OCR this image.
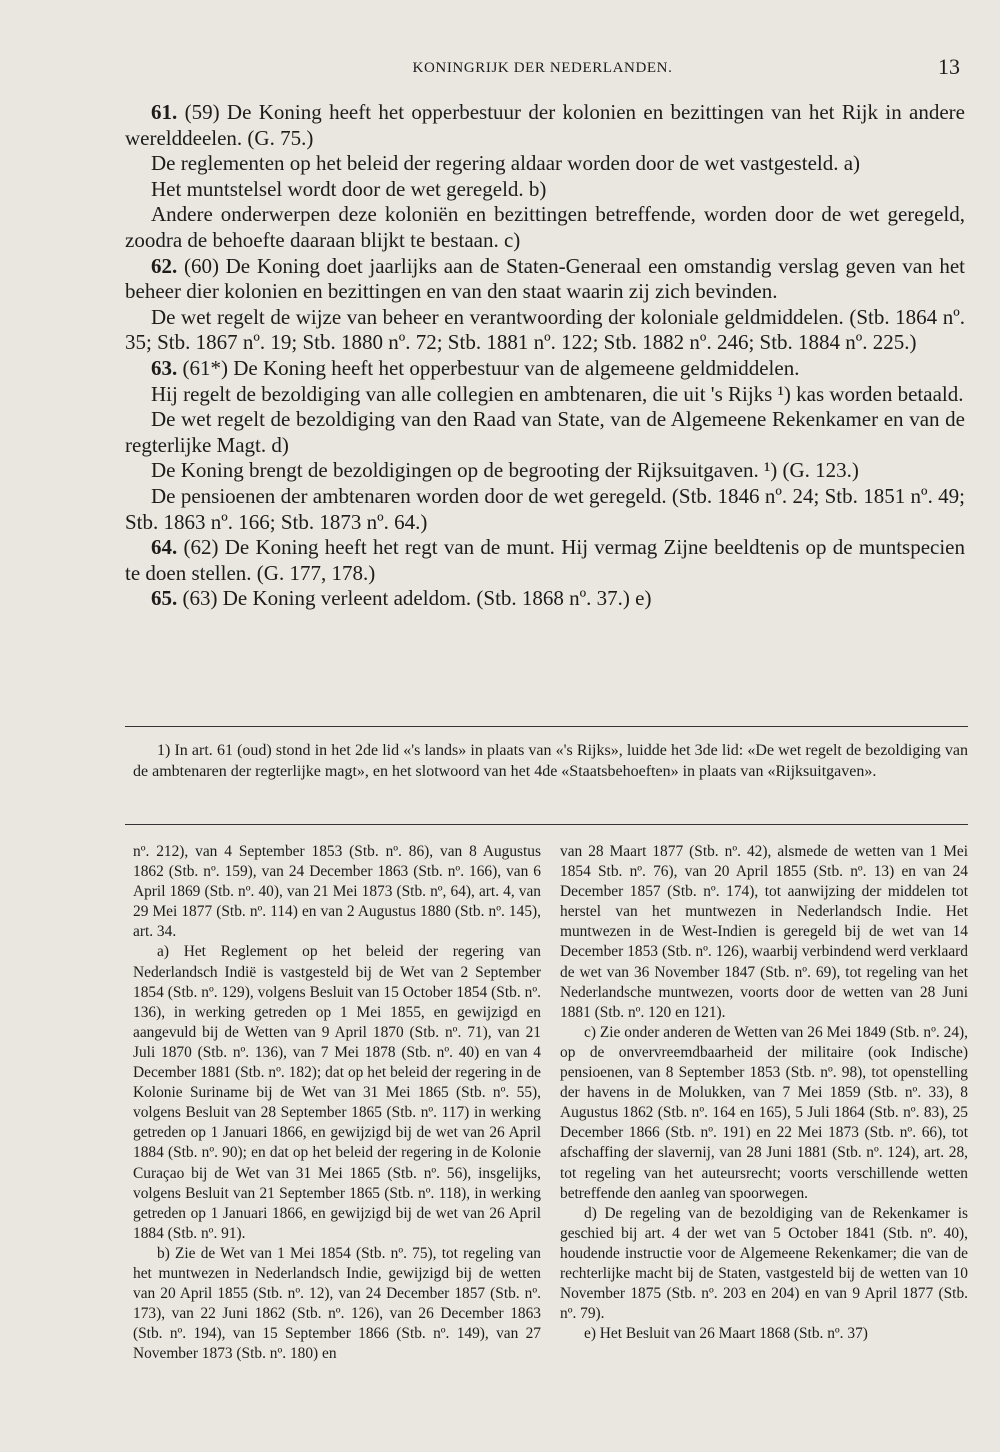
KONINGRIJK DER NEDERLANDEN.	13

61. (59) De Koning heeft het opperbestuur der kolonien en bezittingen van het Rijk in andere werelddeelen. (G. 75.)

De reglementen op het beleid der regering aldaar worden door de wet vastgesteld. a)

Het muntstelsel wordt door de wet geregeld. b)

Andere onderwerpen deze koloniën en bezittingen betreffende, worden door de wet geregeld, zoodra de behoefte daaraan blijkt te bestaan. c)

62. (60) De Koning doet jaarlijks aan de Staten-Generaal een omstandig verslag geven van het beheer dier kolonien en bezittingen en van den staat waarin zij zich bevinden.

De wet regelt de wijze van beheer en verantwoording der koloniale geldmiddelen. (Stb. 1864 nº. 35; Stb. 1867 nº. 19; Stb. 1880 nº. 72; Stb. 1881 nº. 122; Stb. 1882 nº. 246; Stb. 1884 nº. 225.)

63. (61*) De Koning heeft het opperbestuur van de algemeene geldmiddelen.

Hij regelt de bezoldiging van alle collegien en ambtenaren, die uit 's Rijks ¹) kas worden betaald.

De wet regelt de bezoldiging van den Raad van State, van de Algemeene Rekenkamer en van de regterlijke Magt. d)

De Koning brengt de bezoldigingen op de begrooting der Rijksuitgaven. ¹) (G. 123.)

De pensioenen der ambtenaren worden door de wet geregeld. (Stb. 1846 nº. 24; Stb. 1851 nº. 49; Stb. 1863 nº. 166; Stb. 1873 nº. 64.)

64. (62) De Koning heeft het regt van de munt. Hij vermag Zijne beeldtenis op de muntspecien te doen stellen. (G. 177, 178.)

65. (63) De Koning verleent adeldom. (Stb. 1868 nº. 37.) e)

1) In art. 61 (oud) stond in het 2de lid «'s lands» in plaats van «'s Rijks», luidde het 3de lid: «De wet regelt de bezoldiging van de ambtenaren der regterlijke magt», en het slotwoord van het 4de «Staatsbehoeften» in plaats van «Rijksuitgaven».

nº. 212), van 4 September 1853 (Stb. nº. 86), van 8 Augustus 1862 (Stb. nº. 159), van 24 December 1863 (Stb. nº. 166), van 6 April 1869 (Stb. nº. 40), van 21 Mei 1873 (Stb. nº, 64), art. 4, van 29 Mei 1877 (Stb. nº. 114) en van 2 Augustus 1880 (Stb. nº. 145), art. 34.

a) Het Reglement op het beleid der regering van Nederlandsch Indië is vastgesteld bij de Wet van 2 September 1854 (Stb. nº. 129), volgens Besluit van 15 October 1854 (Stb. nº. 136), in werking getreden op 1 Mei 1855, en gewijzigd en aangevuld bij de Wetten van 9 April 1870 (Stb. nº. 71), van 21 Juli 1870 (Stb. nº. 136), van 7 Mei 1878 (Stb. nº. 40) en van 4 December 1881 (Stb. nº. 182); dat op het beleid der regering in de Kolonie Suriname bij de Wet van 31 Mei 1865 (Stb. nº. 55), volgens Besluit van 28 September 1865 (Stb. nº. 117) in werking getreden op 1 Januari 1866, en gewijzigd bij de wet van 26 April 1884 (Stb. nº. 90); en dat op het beleid der regering in de Kolonie Curaçao bij de Wet van 31 Mei 1865 (Stb. nº. 56), insgelijks, volgens Besluit van 21 September 1865 (Stb. nº. 118), in werking getreden op 1 Januari 1866, en gewijzigd bij de wet van 26 April 1884 (Stb. nº. 91).

b) Zie de Wet van 1 Mei 1854 (Stb. nº. 75), tot regeling van het muntwezen in Nederlandsch Indie, gewijzigd bij de wetten van 20 April 1855 (Stb. nº. 12), van 24 December 1857 (Stb. nº. 173), van 22 Juni 1862 (Stb. nº. 126), van 26 December 1863 (Stb. nº. 194), van 15 September 1866 (Stb. nº. 149), van 27 November 1873 (Stb. nº. 180) en

van 28 Maart 1877 (Stb. nº. 42), alsmede de wetten van 1 Mei 1854 Stb. nº. 76), van 20 April 1855 (Stb. nº. 13) en van 24 December 1857 (Stb. nº. 174), tot aanwijzing der middelen tot herstel van het muntwezen in Nederlandsch Indie. Het muntwezen in de West-Indien is geregeld bij de wet van 14 December 1853 (Stb. nº. 126), waarbij verbindend werd verklaard de wet van 36 November 1847 (Stb. nº. 69), tot regeling van het Nederlandsche muntwezen, voorts door de wetten van 28 Juni 1881 (Stb. nº. 120 en 121).

c) Zie onder anderen de Wetten van 26 Mei 1849 (Stb. nº. 24), op de onvervreemdbaarheid der militaire (ook Indische) pensioenen, van 8 September 1853 (Stb. nº. 98), tot openstelling der havens in de Molukken, van 7 Mei 1859 (Stb. nº. 33), 8 Augustus 1862 (Stb. nº. 164 en 165), 5 Juli 1864 (Stb. nº. 83), 25 December 1866 (Stb. nº. 191) en 22 Mei 1873 (Stb. nº. 66), tot afschaffing der slavernij, van 28 Juni 1881 (Stb. nº. 124), art. 28, tot regeling van het auteursrecht; voorts verschillende wetten betreffende den aanleg van spoorwegen.

d) De regeling van de bezoldiging van de Rekenkamer is geschied bij art. 4 der wet van 5 October 1841 (Stb. nº. 40), houdende instructie voor de Algemeene Rekenkamer; die van de rechterlijke macht bij de Staten, vastgesteld bij de wetten van 10 November 1875 (Stb. nº. 203 en 204) en van 9 April 1877 (Stb. nº. 79).

e) Het Besluit van 26 Maart 1868 (Stb. nº. 37)
